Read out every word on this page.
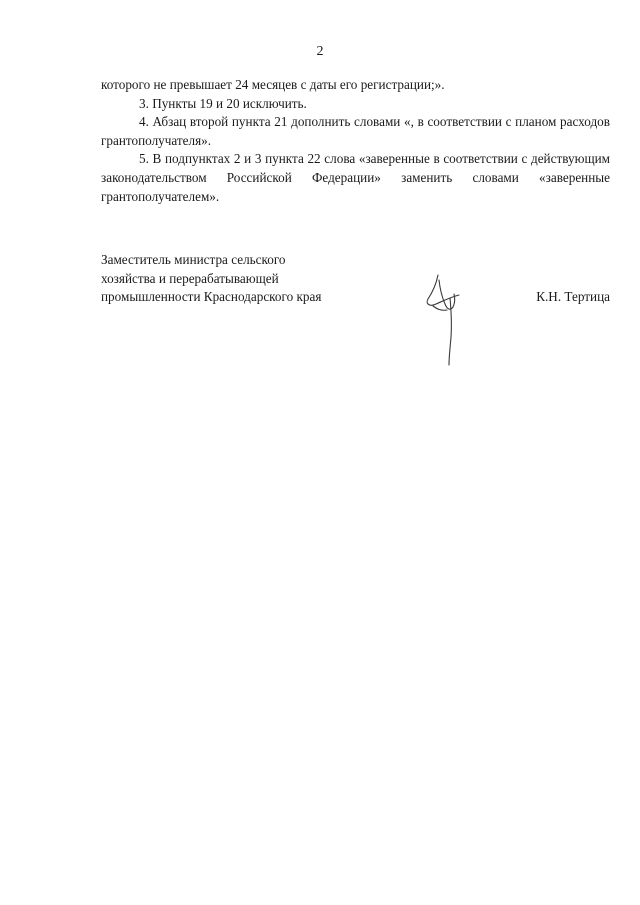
2

которого не превышает 24 месяцев с даты его регистрации;».

3. Пункты 19 и 20 исключить.

4. Абзац второй пункта 21 дополнить словами «, в соответствии с планом расходов грантополучателя».

5. В подпунктах 2 и 3 пункта 22 слова «заверенные в соответствии с действующим законодательством Российской Федерации» заменить словами «заверенные грантополучателем».

Заместитель министра сельского
хозяйства и перерабатывающей
промышленности Краснодарского края	К.Н. Тертица
